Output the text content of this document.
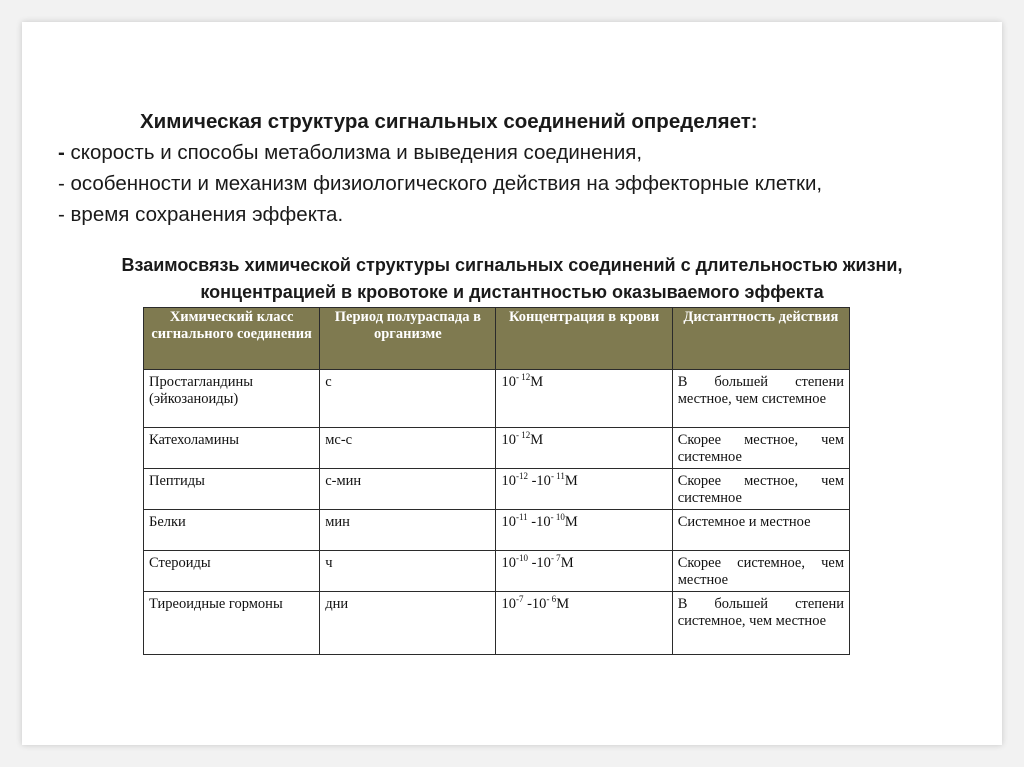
Химическая структура сигнальных соединений определяет:
- скорость и способы метаболизма и выведения соединения,
- особенности и механизм физиологического действия на эффекторные клетки,
- время сохранения эффекта.
Взаимосвязь химической структуры сигнальных соединений с длительностью жизни,
концентрацией в кровотоке и дистантностью оказываемого эффекта
Химический класс сигнального соединения	Период полураспада в организме	Концентрация в крови	Дистантность действия
Простагландины (эйкозаноиды)	с	$10^{- 12}М$	В большей степени местное, чем системное
Катехоламины	мс-с	$10^{- 12}М$	Скорее местное, чем системное
Пептиды	с-мин	$10^{-12}$ $-10^{- 11}М$	Скорее местное, чем системное
Белки	мин	$10^{-11}$ $-10^{- 10}М$	Системное и местное
Стероиды	ч	$10^{-10}$ $-10^{- 7}М$	Скорее системное, чем местное
Тиреоидные гормоны	дни	$10^{-7}$ $-10^{- 6}М$	В большей степени системное, чем местное
